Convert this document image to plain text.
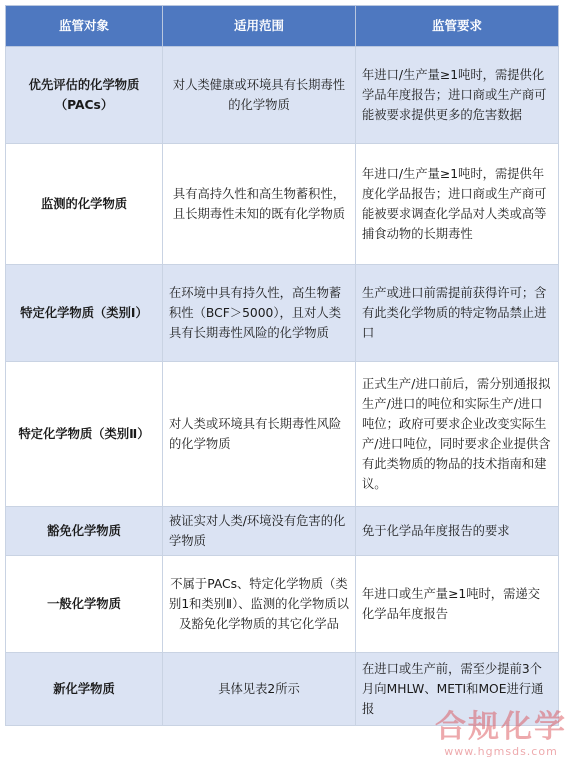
监管对象	适用范围	监管要求
优先评估的化学物质（PACs）	对人类健康或环境具有长期毒性的化学物质	年进口/生产量≥1吨时，需提供化学品年度报告；进口商或生产商可能被要求提供更多的危害数据
监测的化学物质	具有高持久性和高生物蓄积性，且长期毒性未知的既有化学物质	年进口/生产量≥1吨时，需提供年度化学品报告；进口商或生产商可能被要求调查化学品对人类或高等捕食动物的长期毒性
特定化学物质（类别Ⅰ）	在环境中具有持久性，高生物蓄积性（BCF＞5000），且对人类具有长期毒性风险的化学物质	生产或进口前需提前获得许可；含有此类化学物质的特定物品禁止进口
特定化学物质（类别Ⅱ）	对人类或环境具有长期毒性风险的化学物质	正式生产/进口前后，需分别通报拟生产/进口的吨位和实际生产/进口吨位；政府可要求企业改变实际生产/进口吨位，同时要求企业提供含有此类物质的物品的技术指南和建议。
豁免化学物质	被证实对人类/环境没有危害的化学物质	免于化学品年度报告的要求
一般化学物质	不属于PACs、特定化学物质（类别1和类别Ⅱ）、监测的化学物质以及豁免化学物质的其它化学品	年进口或生产量≥1吨时，需递交化学品年度报告
新化学物质	具体见表2所示	在进口或生产前，需至少提前3个月向MHLW、METI和MOE进行通报 合规化学
www.hgmsds.com
